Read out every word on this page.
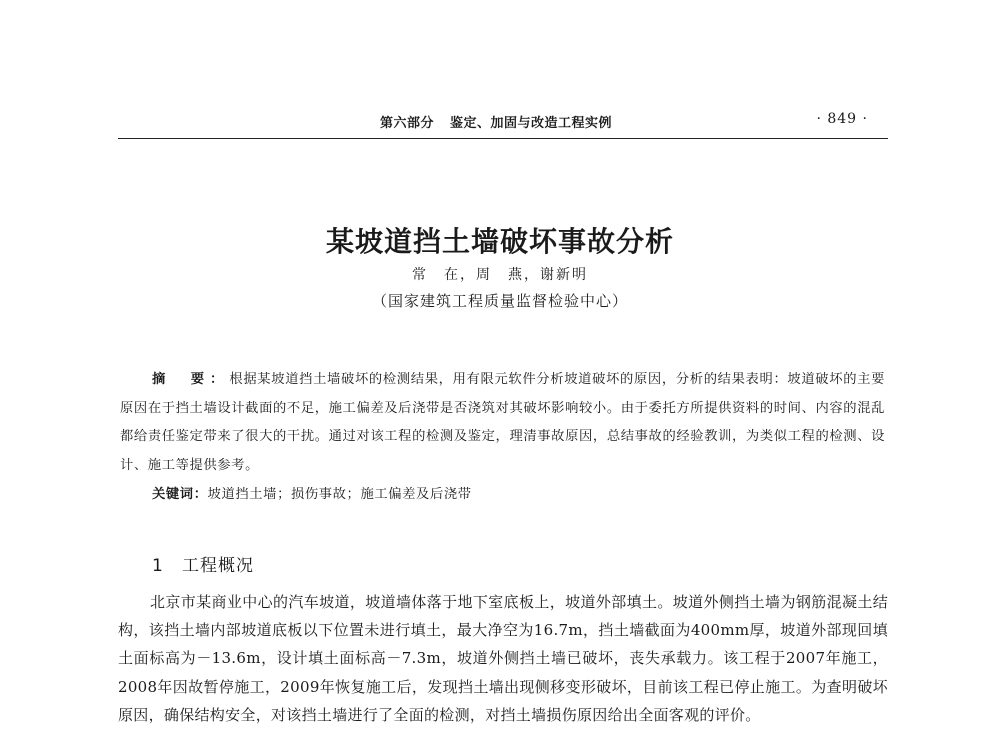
第六部分 鉴定、加固与改造工程实例	· 849 ·
某坡道挡土墙破坏事故分析
常　在，周　燕，谢新明
（国家建筑工程质量监督检验中心）
摘　要：根据某坡道挡土墙破坏的检测结果，用有限元软件分析坡道破坏的原因，分析的结果表明：坡道破坏的主要原因在于挡土墙设计截面的不足，施工偏差及后浇带是否浇筑对其破坏影响较小。由于委托方所提供资料的时间、内容的混乱都给责任鉴定带来了很大的干扰。通过对该工程的检测及鉴定，理清事故原因，总结事故的经验教训，为类似工程的检测、设计、施工等提供参考。
关键词：坡道挡土墙；损伤事故；施工偏差及后浇带
1 工程概况
北京市某商业中心的汽车坡道，坡道墙体落于地下室底板上，坡道外部填土。坡道外侧挡土墙为钢筋混凝土结构，该挡土墙内部坡道底板以下位置未进行填土，最大净空为16.7m，挡土墙截面为400mm厚，坡道外部现回填土面标高为－13.6m，设计填土面标高－7.3m，坡道外侧挡土墙已破坏，丧失承载力。该工程于2007年施工，2008年因故暂停施工，2009年恢复施工后，发现挡土墙出现侧移变形破坏，目前该工程已停止施工。为查明破坏原因，确保结构安全，对该挡土墙进行了全面的检测，对挡土墙损伤原因给出全面客观的评价。
